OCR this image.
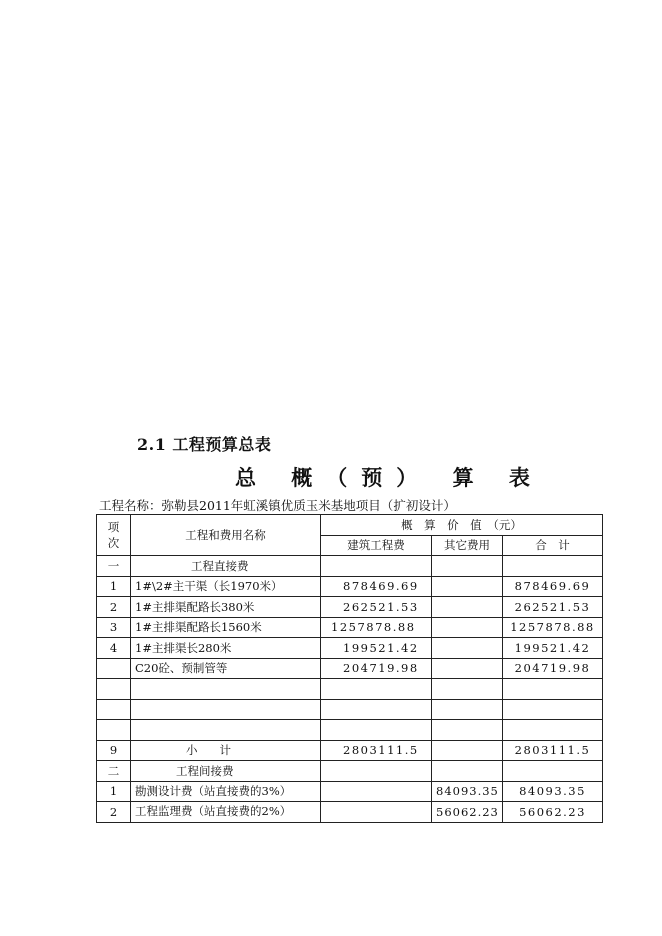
2.1 工程预算总表
总 概（预） 算 表
工程名称：弥勒县2011年虹溪镇优质玉米基地项目（扩初设计）
项
次	工程和费用名称	概　算　价　值　（元）		
		建筑工程费	其它费用	合　计
一	工程直接费			
1	1#\2#主干渠（长1970米）	878469.69		878469.69
2	1#主排渠配路长380米	262521.53		262521.53
3	1#主排渠配路长1560米	1257878.88		1257878.88
4	1#主排渠长280米	199521.42		199521.42
	C20砼、预制管等	204719.98		204719.98

9	小计	2803111.5		2803111.5
二	工程间接费			
1	勘测设计费（站直接费的3%）		84093.35	84093.35
2	工程监理费（站直接费的2%）		56062.23	56062.23
